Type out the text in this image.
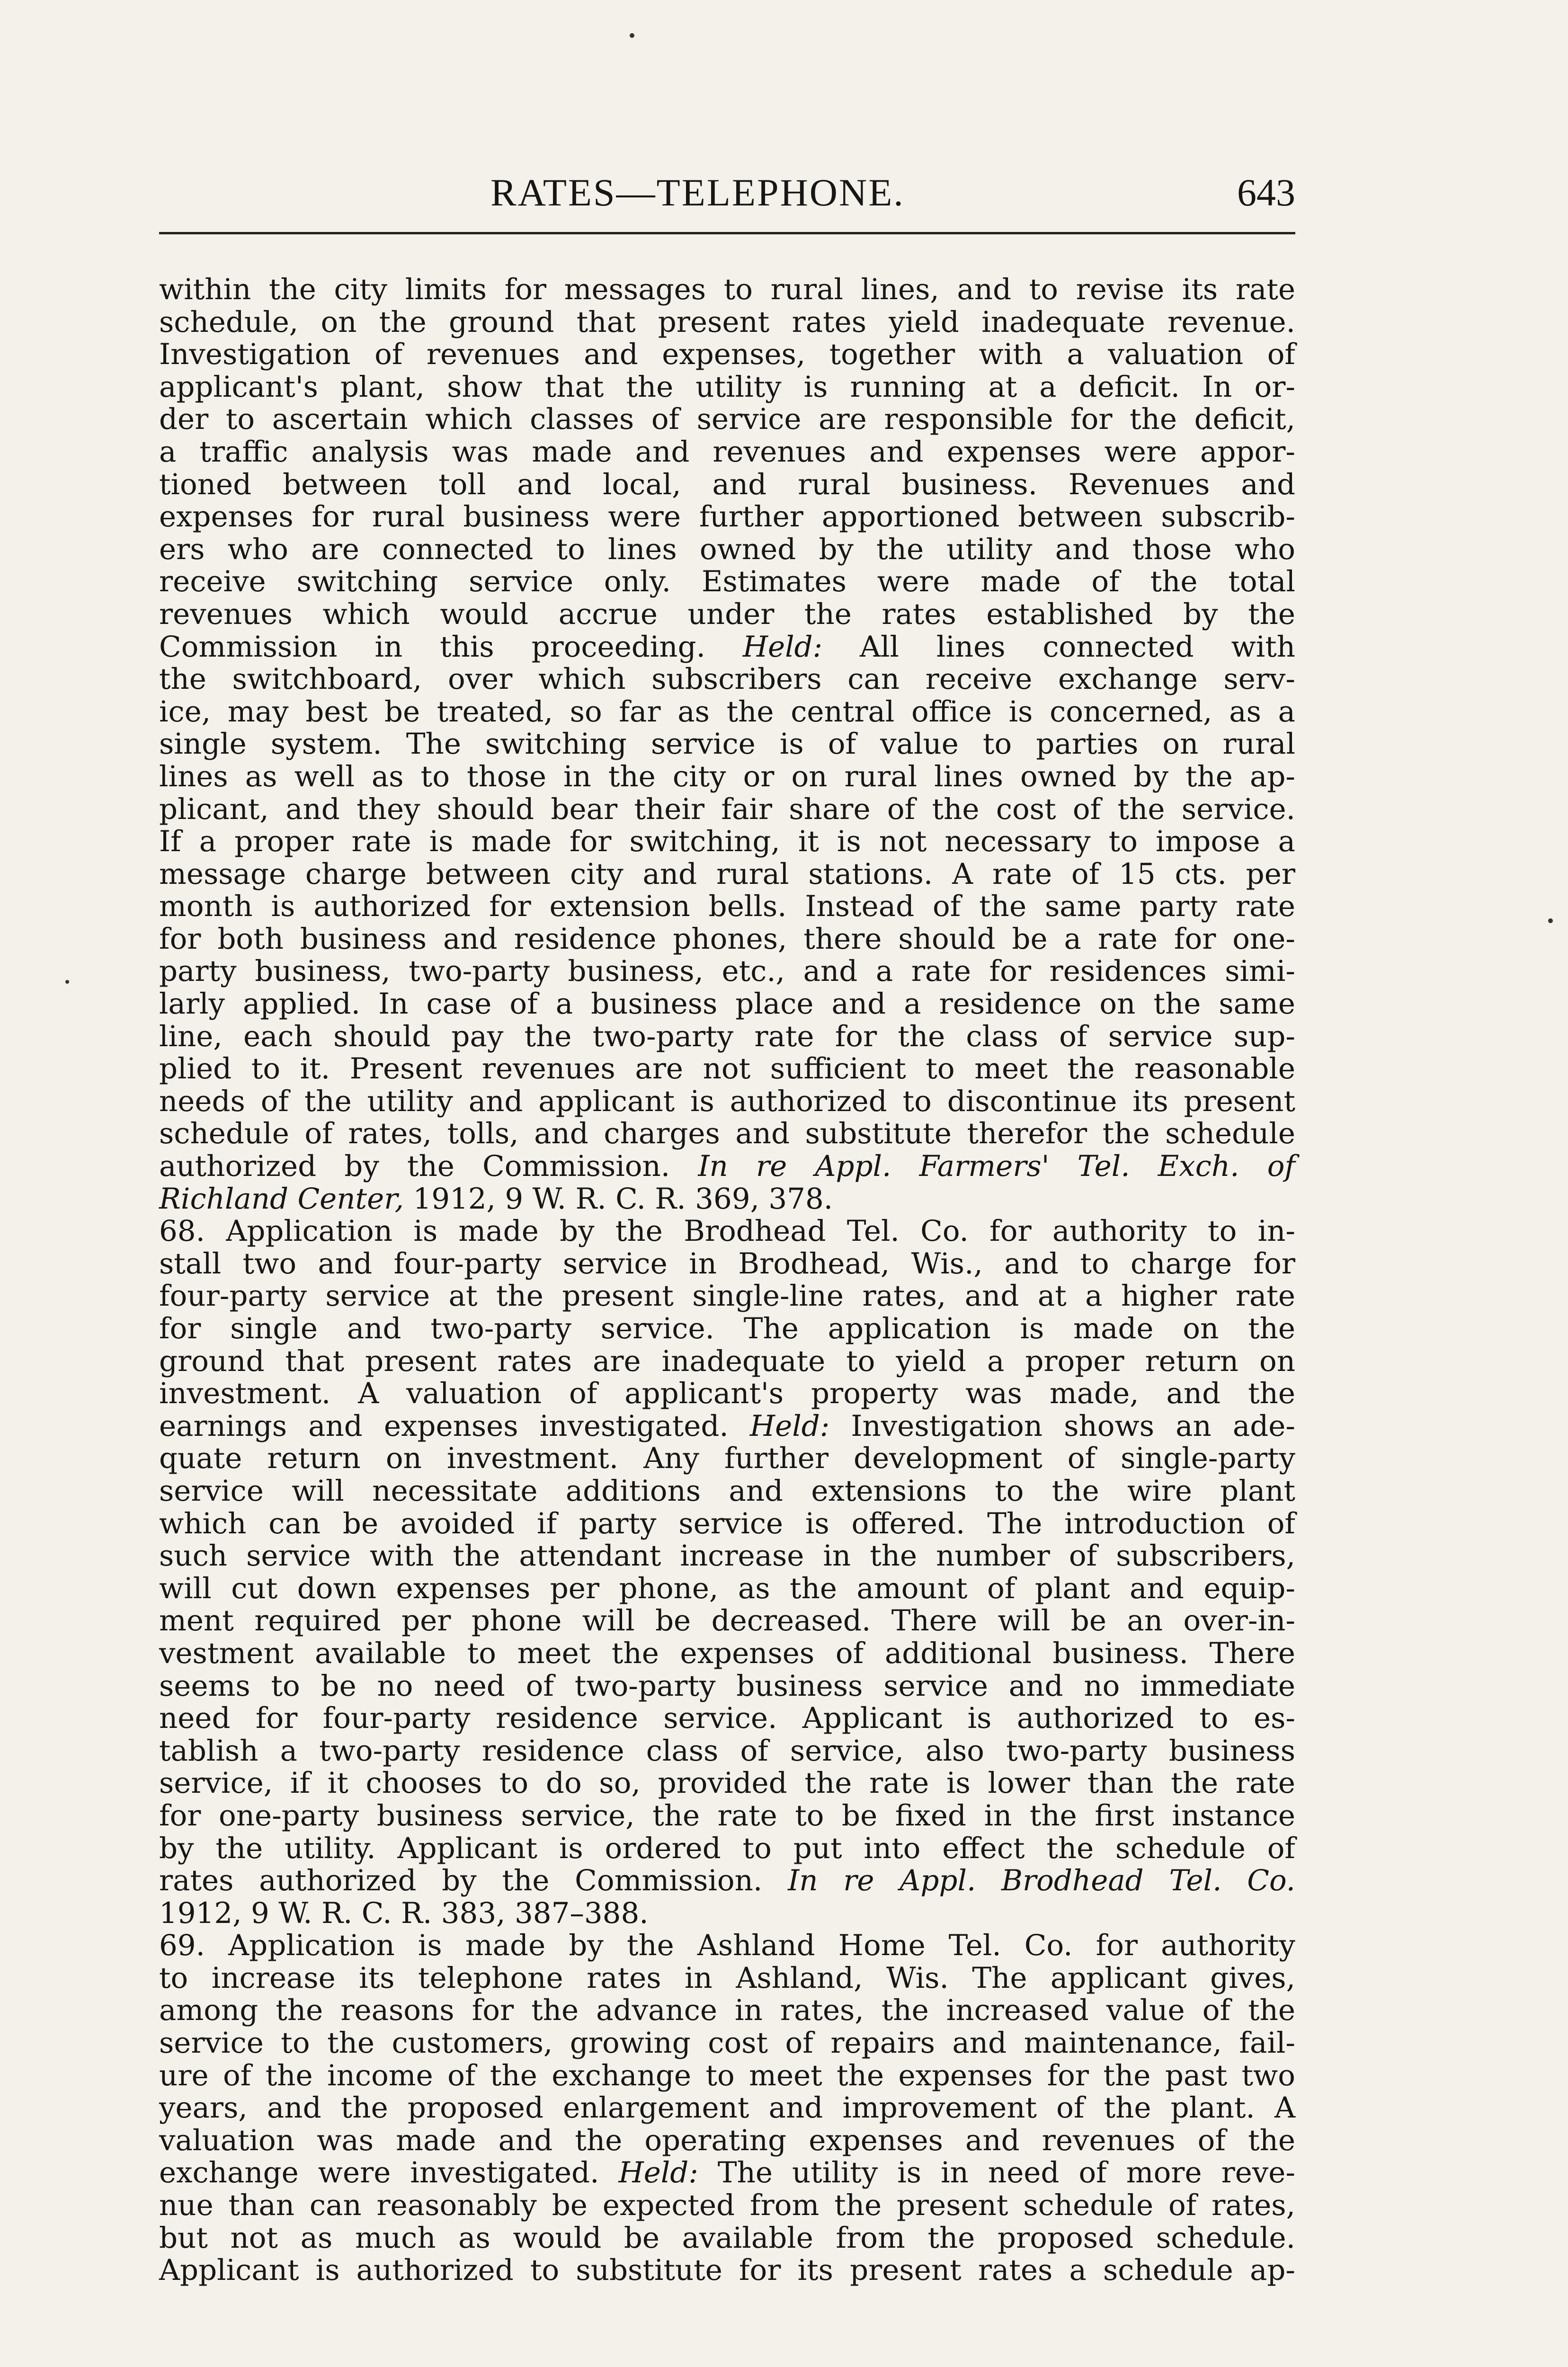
RATES—TELEPHONE.	643
within the city limits for messages to rural lines, and to revise its rate
schedule, on the ground that present rates yield inadequate revenue.
Investigation of revenues and expenses, together with a valuation of
applicant's plant, show that the utility is running at a deficit. In or-
der to ascertain which classes of service are responsible for the deficit,
a traffic analysis was made and revenues and expenses were appor-
tioned between toll and local, and rural business. Revenues and
expenses for rural business were further apportioned between subscrib-
ers who are connected to lines owned by the utility and those who
receive switching service only. Estimates were made of the total
revenues which would accrue under the rates established by the
Commission in this proceeding. Held: All lines connected with
the switchboard, over which subscribers can receive exchange serv-
ice, may best be treated, so far as the central office is concerned, as a
single system. The switching service is of value to parties on rural
lines as well as to those in the city or on rural lines owned by the ap-
plicant, and they should bear their fair share of the cost of the service.
If a proper rate is made for switching, it is not necessary to impose a
message charge between city and rural stations. A rate of 15 cts. per
month is authorized for extension bells. Instead of the same party rate
for both business and residence phones, there should be a rate for one-
party business, two-party business, etc., and a rate for residences simi-
larly applied. In case of a business place and a residence on the same
line, each should pay the two-party rate for the class of service sup-
plied to it. Present revenues are not sufficient to meet the reasonable
needs of the utility and applicant is authorized to discontinue its present
schedule of rates, tolls, and charges and substitute therefor the schedule
authorized by the Commission. In re Appl. Farmers' Tel. Exch. of
Richland Center, 1912, 9 W. R. C. R. 369, 378.
68. Application is made by the Brodhead Tel. Co. for authority to in-
stall two and four-party service in Brodhead, Wis., and to charge for
four-party service at the present single-line rates, and at a higher rate
for single and two-party service. The application is made on the
ground that present rates are inadequate to yield a proper return on
investment. A valuation of applicant's property was made, and the
earnings and expenses investigated. Held: Investigation shows an ade-
quate return on investment. Any further development of single-party
service will necessitate additions and extensions to the wire plant
which can be avoided if party service is offered. The introduction of
such service with the attendant increase in the number of subscribers,
will cut down expenses per phone, as the amount of plant and equip-
ment required per phone will be decreased. There will be an over-in-
vestment available to meet the expenses of additional business. There
seems to be no need of two-party business service and no immediate
need for four-party residence service. Applicant is authorized to es-
tablish a two-party residence class of service, also two-party business
service, if it chooses to do so, provided the rate is lower than the rate
for one-party business service, the rate to be fixed in the first instance
by the utility. Applicant is ordered to put into effect the schedule of
rates authorized by the Commission. In re Appl. Brodhead Tel. Co.
1912, 9 W. R. C. R. 383, 387–388.
69. Application is made by the Ashland Home Tel. Co. for authority
to increase its telephone rates in Ashland, Wis. The applicant gives,
among the reasons for the advance in rates, the increased value of the
service to the customers, growing cost of repairs and maintenance, fail-
ure of the income of the exchange to meet the expenses for the past two
years, and the proposed enlargement and improvement of the plant. A
valuation was made and the operating expenses and revenues of the
exchange were investigated. Held: The utility is in need of more reve-
nue than can reasonably be expected from the present schedule of rates,
but not as much as would be available from the proposed schedule.
Applicant is authorized to substitute for its present rates a schedule ap-
